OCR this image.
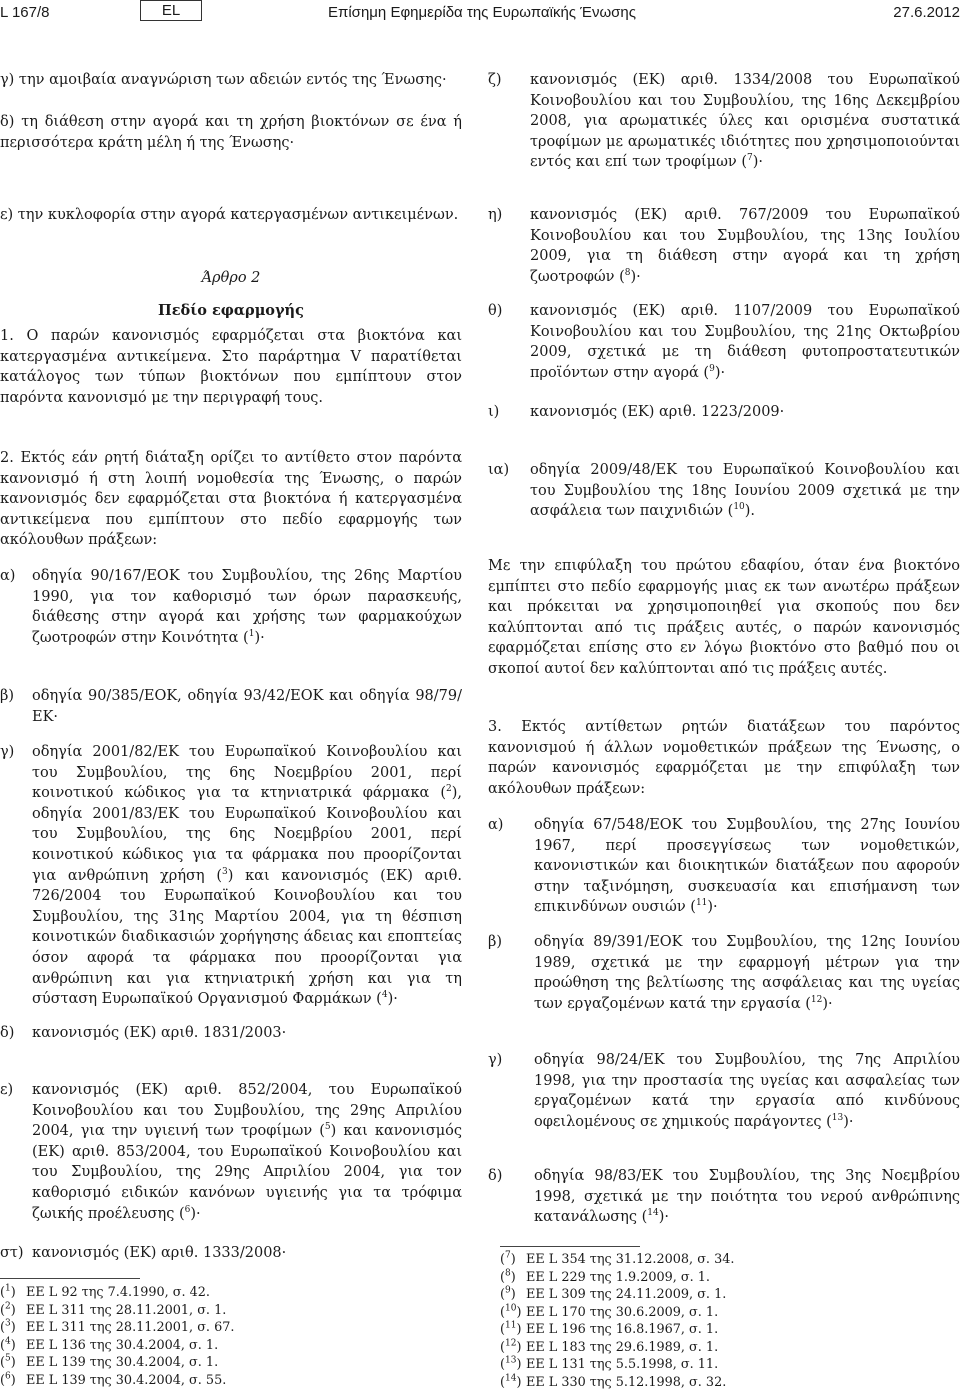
L 167/8	EL	Επίσημη Εφημερίδα της Ευρωπαϊκής Ένωσης	27.6.2012

γ) την αμοιβαία αναγνώριση των αδειών εντός της Ένωσης·

δ) τη διάθεση στην αγορά και τη χρήση βιοκτόνων σε ένα ή περισσότερα κράτη μέλη ή της Ένωσης·

ε) την κυκλοφορία στην αγορά κατεργασμένων αντικειμένων.

Άρθρο 2

Πεδίο εφαρμογής

1. Ο παρών κανονισμός εφαρμόζεται στα βιοκτόνα και κατεργασμένα αντικείμενα. Στο παράρτημα V παρατίθεται κατάλογος των τύπων βιοκτόνων που εμπίπτουν στον παρόντα κανονισμό με την περιγραφή τους.

2. Εκτός εάν ρητή διάταξη ορίζει το αντίθετο στον παρόντα κανονισμό ή στη λοιπή νομοθεσία της Ένωσης, ο παρών κανονισμός δεν εφαρμόζεται στα βιοκτόνα ή κατεργασμένα αντικείμενα που εμπίπτουν στο πεδίο εφαρμογής των ακόλουθων πράξεων:

α)	οδηγία 90/167/ΕΟΚ του Συμβουλίου, της 26ης Μαρτίου 1990, για τον καθορισμό των όρων παρασκευής, διάθεσης στην αγορά και χρήσης των φαρμακούχων ζωοτροφών στην Κοινότητα ($^1$)·
β)	οδηγία 90/385/ΕΟΚ, οδηγία 93/42/ΕΟΚ και οδηγία 98/79/ΕΚ·
γ)	οδηγία 2001/82/ΕΚ του Ευρωπαϊκού Κοινοβουλίου και του Συμβουλίου, της 6ης Νοεμβρίου 2001, περί κοινοτικού κώδικος για τα κτηνιατρικά φάρμακα ($^2$), οδηγία 2001/83/ΕΚ του Ευρωπαϊκού Κοινοβουλίου και του Συμβουλίου, της 6ης Νοεμβρίου 2001, περί κοινοτικού κώδικος για τα φάρμακα που προορίζονται για ανθρώπινη χρήση ($^3$) και κανονισμός (ΕΚ) αριθ. 726/2004 του Ευρωπαϊκού Κοινοβουλίου και του Συμβουλίου, της 31ης Μαρτίου 2004, για τη θέσπιση κοινοτικών διαδικασιών χορήγησης άδειας και εποπτείας όσον αφορά τα φάρμακα που προορίζονται για ανθρώπινη και για κτηνιατρική χρήση και για τη σύσταση Ευρωπαϊκού Οργανισμού Φαρμάκων ($^4$)·
δ)	κανονισμός (ΕΚ) αριθ. 1831/2003·
ε)	κανονισμός (ΕΚ) αριθ. 852/2004, του Ευρωπαϊκού Κοινοβουλίου και του Συμβουλίου, της 29ης Απριλίου 2004, για την υγιεινή των τροφίμων ($^5$) και κανονισμός (ΕΚ) αριθ. 853/2004, του Ευρωπαϊκού Κοινοβουλίου και του Συμβουλίου, της 29ης Απριλίου 2004, για τον καθορισμό ειδικών κανόνων υγιεινής για τα τρόφιμα ζωικής προέλευσης ($^6$)·
στ) κανονισμός (ΕΚ) αριθ. 1333/2008·
($^1$) ΕΕ L 92 της 7.4.1990, σ. 42.
($^2$) ΕΕ L 311 της 28.11.2001, σ. 1.
($^3$) ΕΕ L 311 της 28.11.2001, σ. 67.
($^4$) ΕΕ L 136 της 30.4.2004, σ. 1.
($^5$) ΕΕ L 139 της 30.4.2004, σ. 1.
($^6$) ΕΕ L 139 της 30.4.2004, σ. 55.
ζ)	κανονισμός (ΕΚ) αριθ. 1334/2008 του Ευρωπαϊκού Κοινοβουλίου και του Συμβουλίου, της 16ης Δεκεμβρίου 2008, για αρωματικές ύλες και ορισμένα συστατικά τροφίμων με αρωματικές ιδιότητες που χρησιμοποιούνται εντός και επί των τροφίμων ($^7$)·
η)	κανονισμός (ΕΚ) αριθ. 767/2009 του Ευρωπαϊκού Κοινοβουλίου και του Συμβουλίου, της 13ης Ιουλίου 2009, για τη διάθεση στην αγορά και τη χρήση ζωοτροφών ($^8$)·
θ)	κανονισμός (ΕΚ) αριθ. 1107/2009 του Ευρωπαϊκού Κοινοβουλίου και του Συμβουλίου, της 21ης Οκτωβρίου 2009, σχετικά με τη διάθεση φυτοπροστατευτικών προϊόντων στην αγορά ($^9$)·
ι)	κανονισμός (ΕΚ) αριθ. 1223/2009·
ια)	οδηγία 2009/48/ΕΚ του Ευρωπαϊκού Κοινοβουλίου και του Συμβουλίου της 18ης Ιουνίου 2009 σχετικά με την ασφάλεια των παιχνιδιών ($^{10}$).

Με την επιφύλαξη του πρώτου εδαφίου, όταν ένα βιοκτόνο εμπίπτει στο πεδίο εφαρμογής μιας εκ των ανωτέρω πράξεων και πρόκειται να χρησιμοποιηθεί για σκοπούς που δεν καλύπτονται από τις πράξεις αυτές, ο παρών κανονισμός εφαρμόζεται επίσης στο εν λόγω βιοκτόνο στο βαθμό που οι σκοποί αυτοί δεν καλύπτονται από τις πράξεις αυτές.

3. Εκτός αντίθετων ρητών διατάξεων του παρόντος κανονισμού ή άλλων νομοθετικών πράξεων της Ένωσης, ο παρών κανονισμός εφαρμόζεται με την επιφύλαξη των ακόλουθων πράξεων:

α)	οδηγία 67/548/ΕΟΚ του Συμβουλίου, της 27ης Ιουνίου 1967, περί προσεγγίσεως των νομοθετικών, κανονιστικών και διοικητικών διατάξεων που αφορούν στην ταξινόμηση, συσκευασία και επισήμανση των επικινδύνων ουσιών ($^{11}$)·
β)	οδηγία 89/391/ΕΟΚ του Συμβουλίου, της 12ης Ιουνίου 1989, σχετικά με την εφαρμογή μέτρων για την προώθηση της βελτίωσης της ασφάλειας και της υγείας των εργαζομένων κατά την εργασία ($^{12}$)·
γ)	οδηγία 98/24/ΕΚ του Συμβουλίου, της 7ης Απριλίου 1998, για την προστασία της υγείας και ασφαλείας των εργαζομένων κατά την εργασία από κινδύνους οφειλομένους σε χημικούς παράγοντες ($^{13}$)·
δ)	οδηγία 98/83/ΕΚ του Συμβουλίου, της 3ης Νοεμβρίου 1998, σχετικά με την ποιότητα του νερού ανθρώπινης κατανάλωσης ($^{14}$)·
($^7$) ΕΕ L 354 της 31.12.2008, σ. 34.
($^8$) ΕΕ L 229 της 1.9.2009, σ. 1.
($^9$) ΕΕ L 309 της 24.11.2009, σ. 1.
($^{10}$) ΕΕ L 170 της 30.6.2009, σ. 1.
($^{11}$) ΕΕ L 196 της 16.8.1967, σ. 1.
($^{12}$) ΕΕ L 183 της 29.6.1989, σ. 1.
($^{13}$) ΕΕ L 131 της 5.5.1998, σ. 11.
($^{14}$) ΕΕ L 330 της 5.12.1998, σ. 32.
